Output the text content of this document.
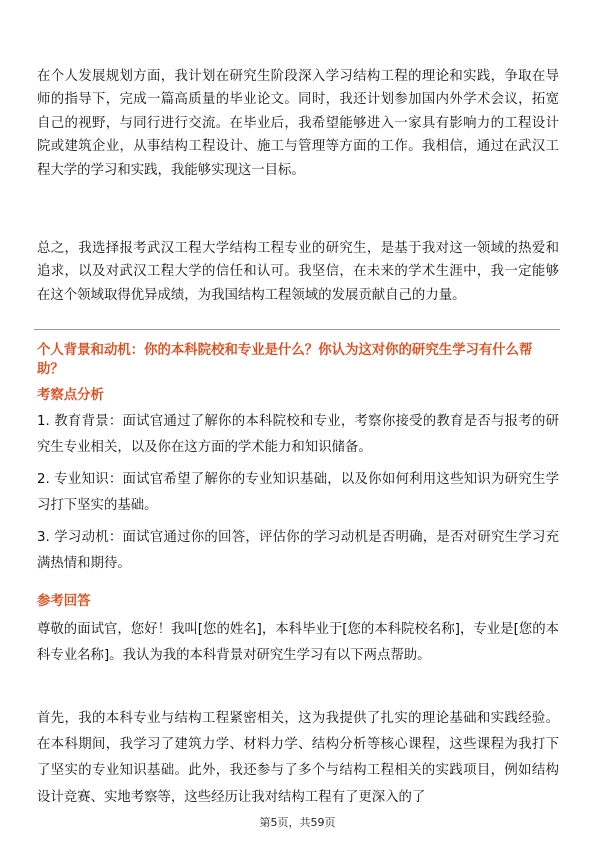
在个人发展规划方面，我计划在研究生阶段深入学习结构工程的理论和实践，争取在导师的指导下，完成一篇高质量的毕业论文。同时，我还计划参加国内外学术会议，拓宽自己的视野，与同行进行交流。在毕业后，我希望能够进入一家具有影响力的工程设计院或建筑企业，从事结构工程设计、施工与管理等方面的工作。我相信，通过在武汉工程大学的学习和实践，我能够实现这一目标。

总之，我选择报考武汉工程大学结构工程专业的研究生，是基于我对这一领域的热爱和追求，以及对武汉工程大学的信任和认可。我坚信，在未来的学术生涯中，我一定能够在这个领域取得优异成绩，为我国结构工程领域的发展贡献自己的力量。

个人背景和动机：你的本科院校和专业是什么？你认为这对你的研究生学习有什么帮助？

考察点分析

1. 教育背景：面试官通过了解你的本科院校和专业，考察你接受的教育是否与报考的研究生专业相关，以及你在这方面的学术能力和知识储备。

2. 专业知识：面试官希望了解你的专业知识基础，以及你如何利用这些知识为研究生学习打下坚实的基础。

3. 学习动机：面试官通过你的回答，评估你的学习动机是否明确，是否对研究生学习充满热情和期待。

参考回答

尊敬的面试官，您好！我叫[您的姓名]，本科毕业于[您的本科院校名称]，专业是[您的本科专业名称]。我认为我的本科背景对研究生学习有以下两点帮助。

首先，我的本科专业与结构工程紧密相关，这为我提供了扎实的理论基础和实践经验。在本科期间，我学习了建筑力学、材料力学、结构分析等核心课程，这些课程为我打下了坚实的专业知识基础。此外，我还参与了多个与结构工程相关的实践项目，例如结构设计竞赛、实地考察等，这些经历让我对结构工程有了更深入的了

第5页，共59页
